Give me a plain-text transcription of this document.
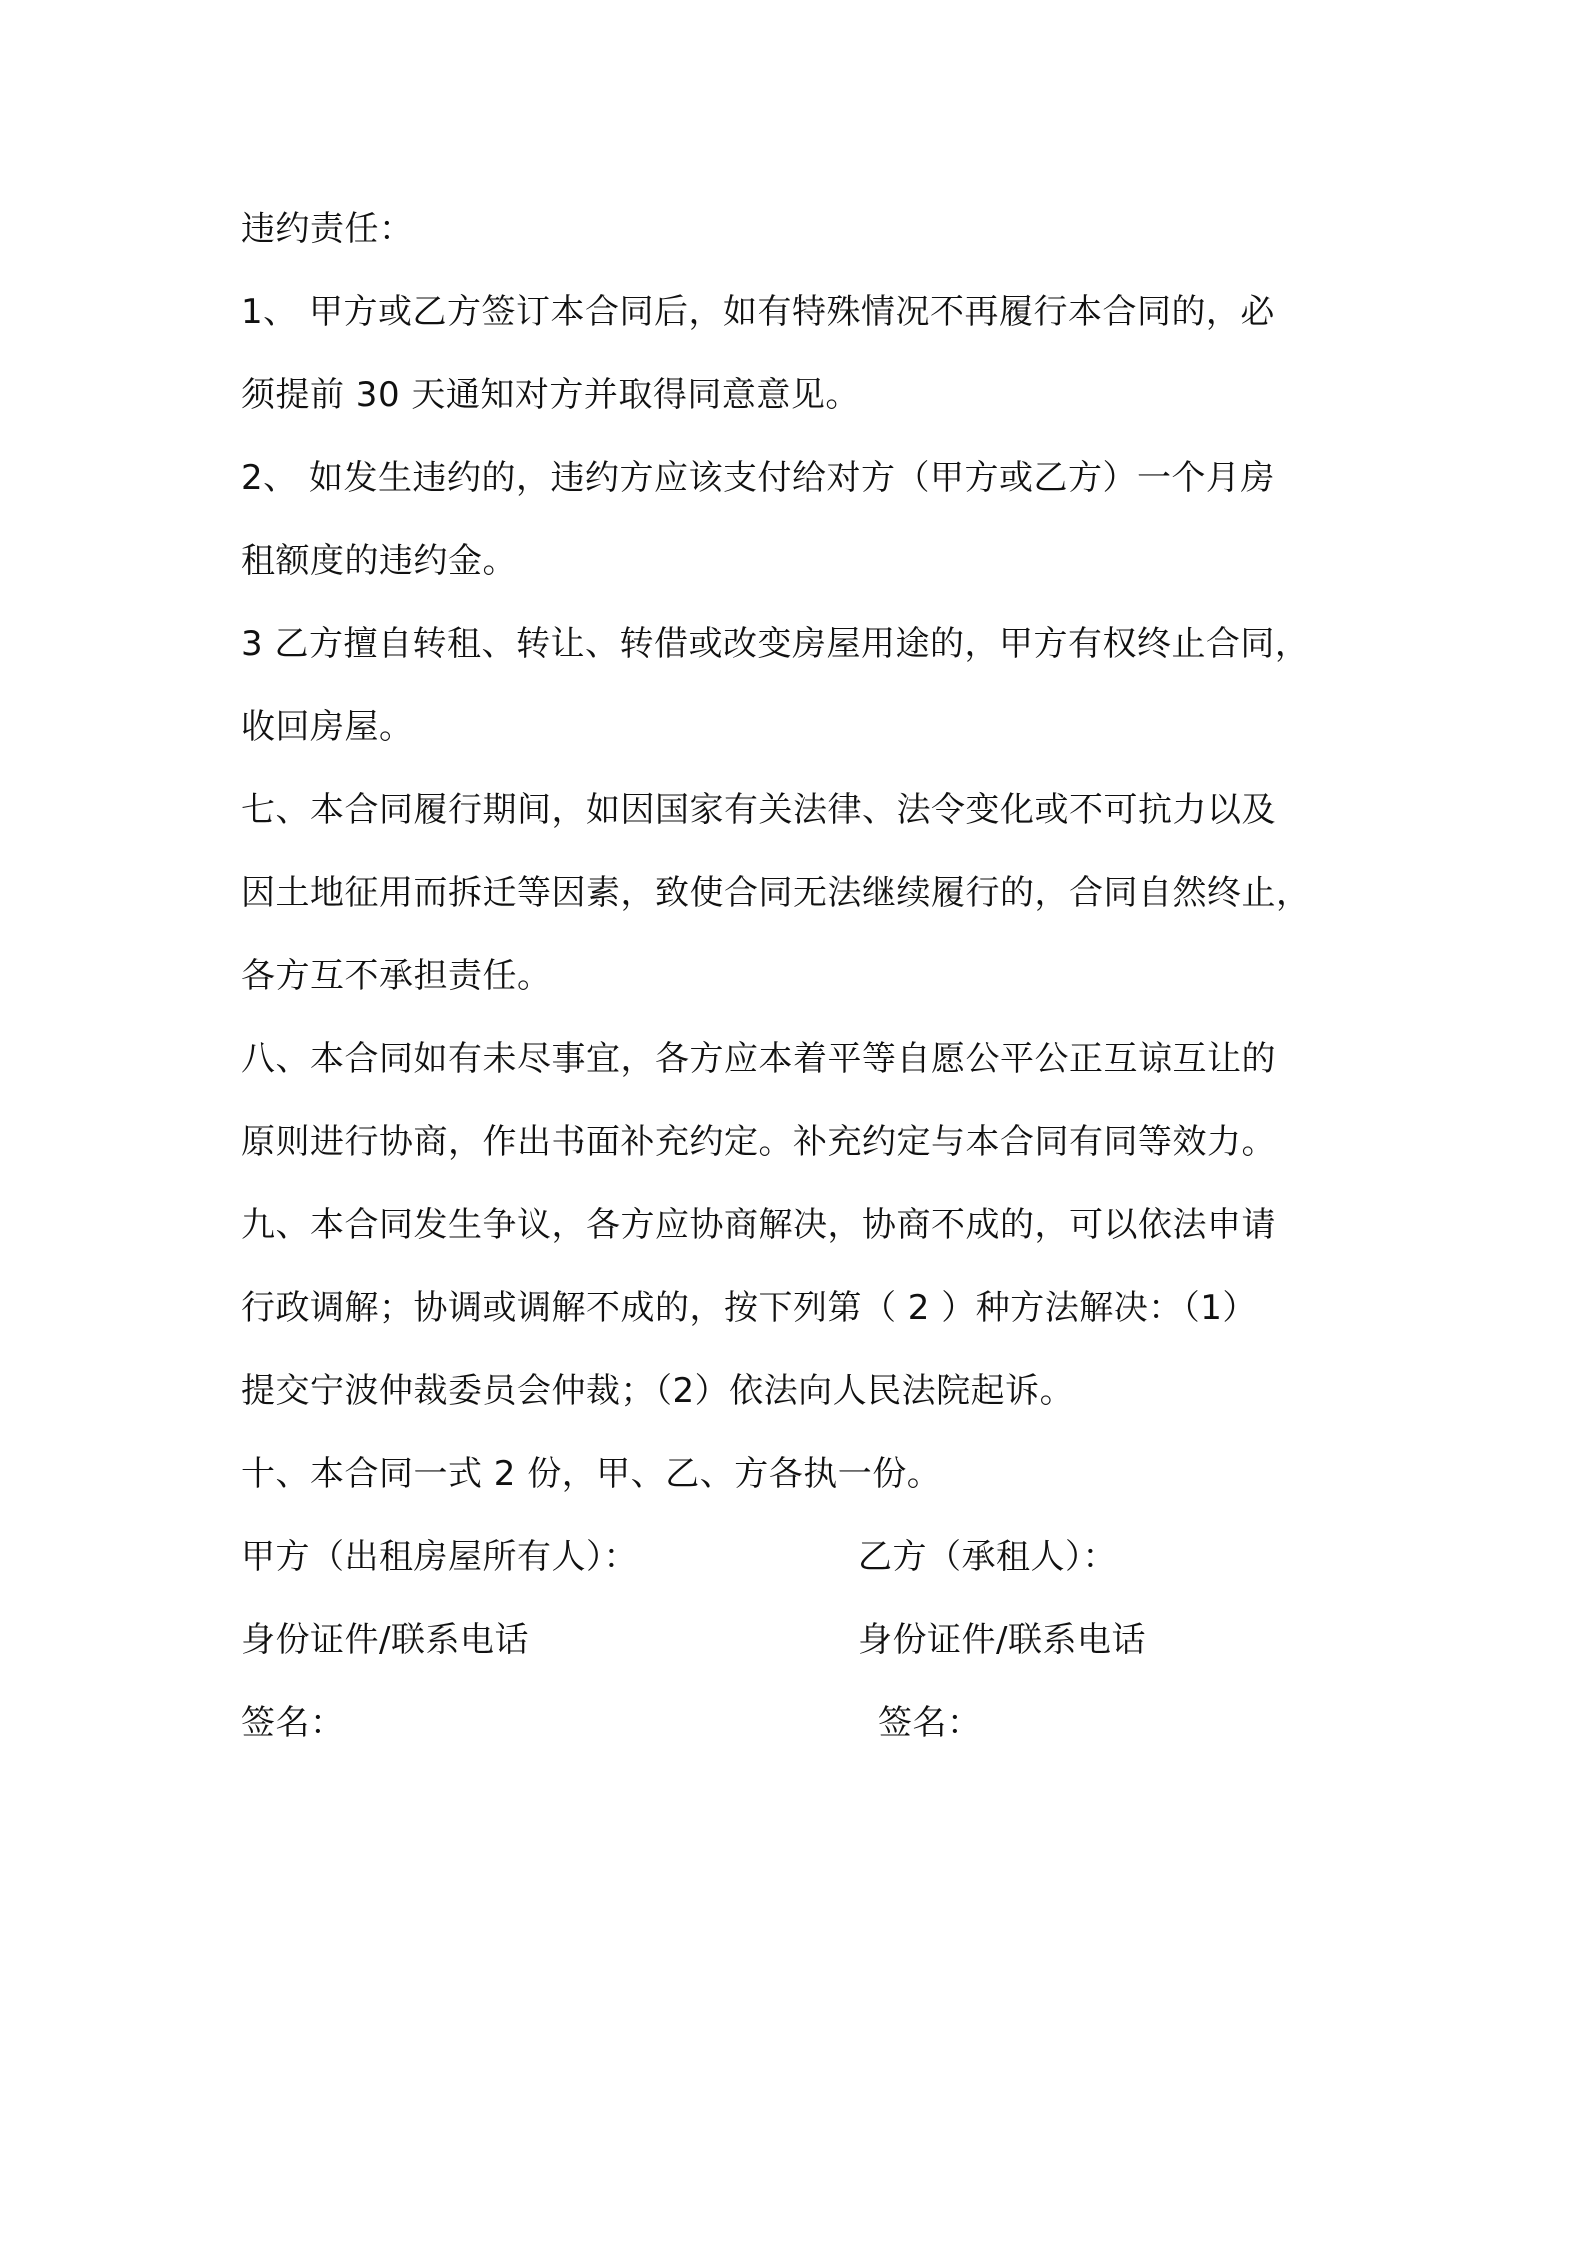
违约责任：
1、 甲方或乙方签订本合同后，如有特殊情况不再履行本合同的，必
须提前 30 天通知对方并取得同意意见。
2、 如发生违约的，违约方应该支付给对方（甲方或乙方）一个月房
租额度的违约金。
3 乙方擅自转租、转让、转借或改变房屋用途的，甲方有权终止合同，
收回房屋。
七、本合同履行期间，如因国家有关法律、法令变化或不可抗力以及
因土地征用而拆迁等因素，致使合同无法继续履行的，合同自然终止，
各方互不承担责任。
八、本合同如有未尽事宜，各方应本着平等自愿公平公正互谅互让的
原则进行协商，作出书面补充约定。补充约定与本合同有同等效力。
九、本合同发生争议，各方应协商解决，协商不成的，可以依法申请
行政调解；协调或调解不成的，按下列第（ 2 ）种方法解决：（1）
提交宁波仲裁委员会仲裁；（2）依法向人民法院起诉。
十、本合同一式 2 份，甲、乙、方各执一份。
甲方（出租房屋所有人）：	乙方（承租人）：
身份证件/联系电话	身份证件/联系电话
签名：	签名：
